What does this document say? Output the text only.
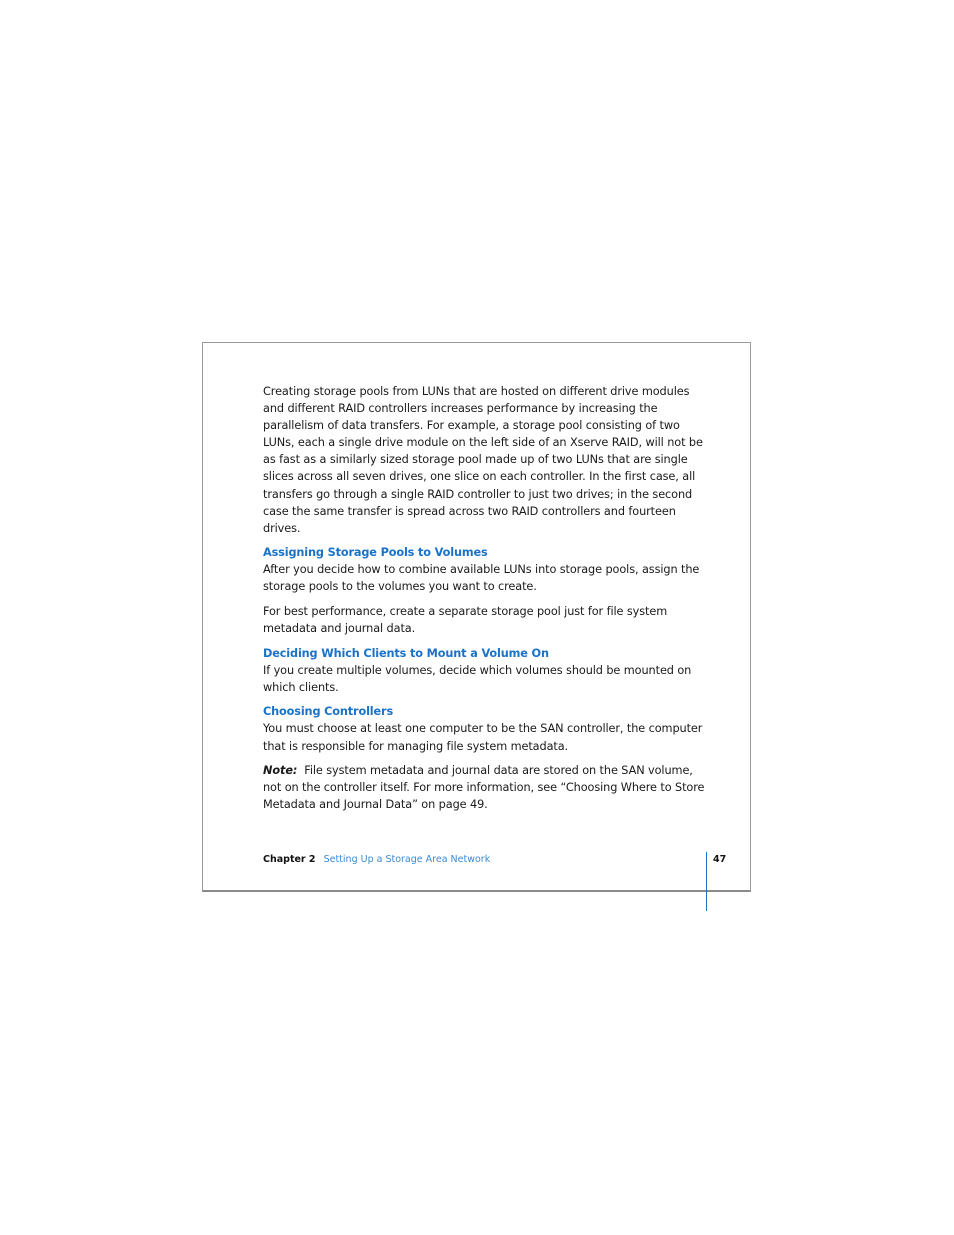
Creating storage pools from LUNs that are hosted on different drive modules and different RAID controllers increases performance by increasing the parallelism of data transfers. For example, a storage pool consisting of two LUNs, each a single drive module on the left side of an Xserve RAID, will not be as fast as a similarly sized storage pool made up of two LUNs that are single slices across all seven drives, one slice on each controller. In the first case, all transfers go through a single RAID controller to just two drives; in the second case the same transfer is spread across two RAID controllers and fourteen drives.

Assigning Storage Pools to Volumes

After you decide how to combine available LUNs into storage pools, assign the storage pools to the volumes you want to create.

For best performance, create a separate storage pool just for file system metadata and journal data.

Deciding Which Clients to Mount a Volume On

If you create multiple volumes, decide which volumes should be mounted on which clients.

Choosing Controllers

You must choose at least one computer to be the SAN controller, the computer that is responsible for managing file system metadata.

Note: File system metadata and journal data are stored on the SAN volume, not on the controller itself. For more information, see “Choosing Where to Store Metadata and Journal Data” on page 49.

Chapter 2 Setting Up a Storage Area Network	47
